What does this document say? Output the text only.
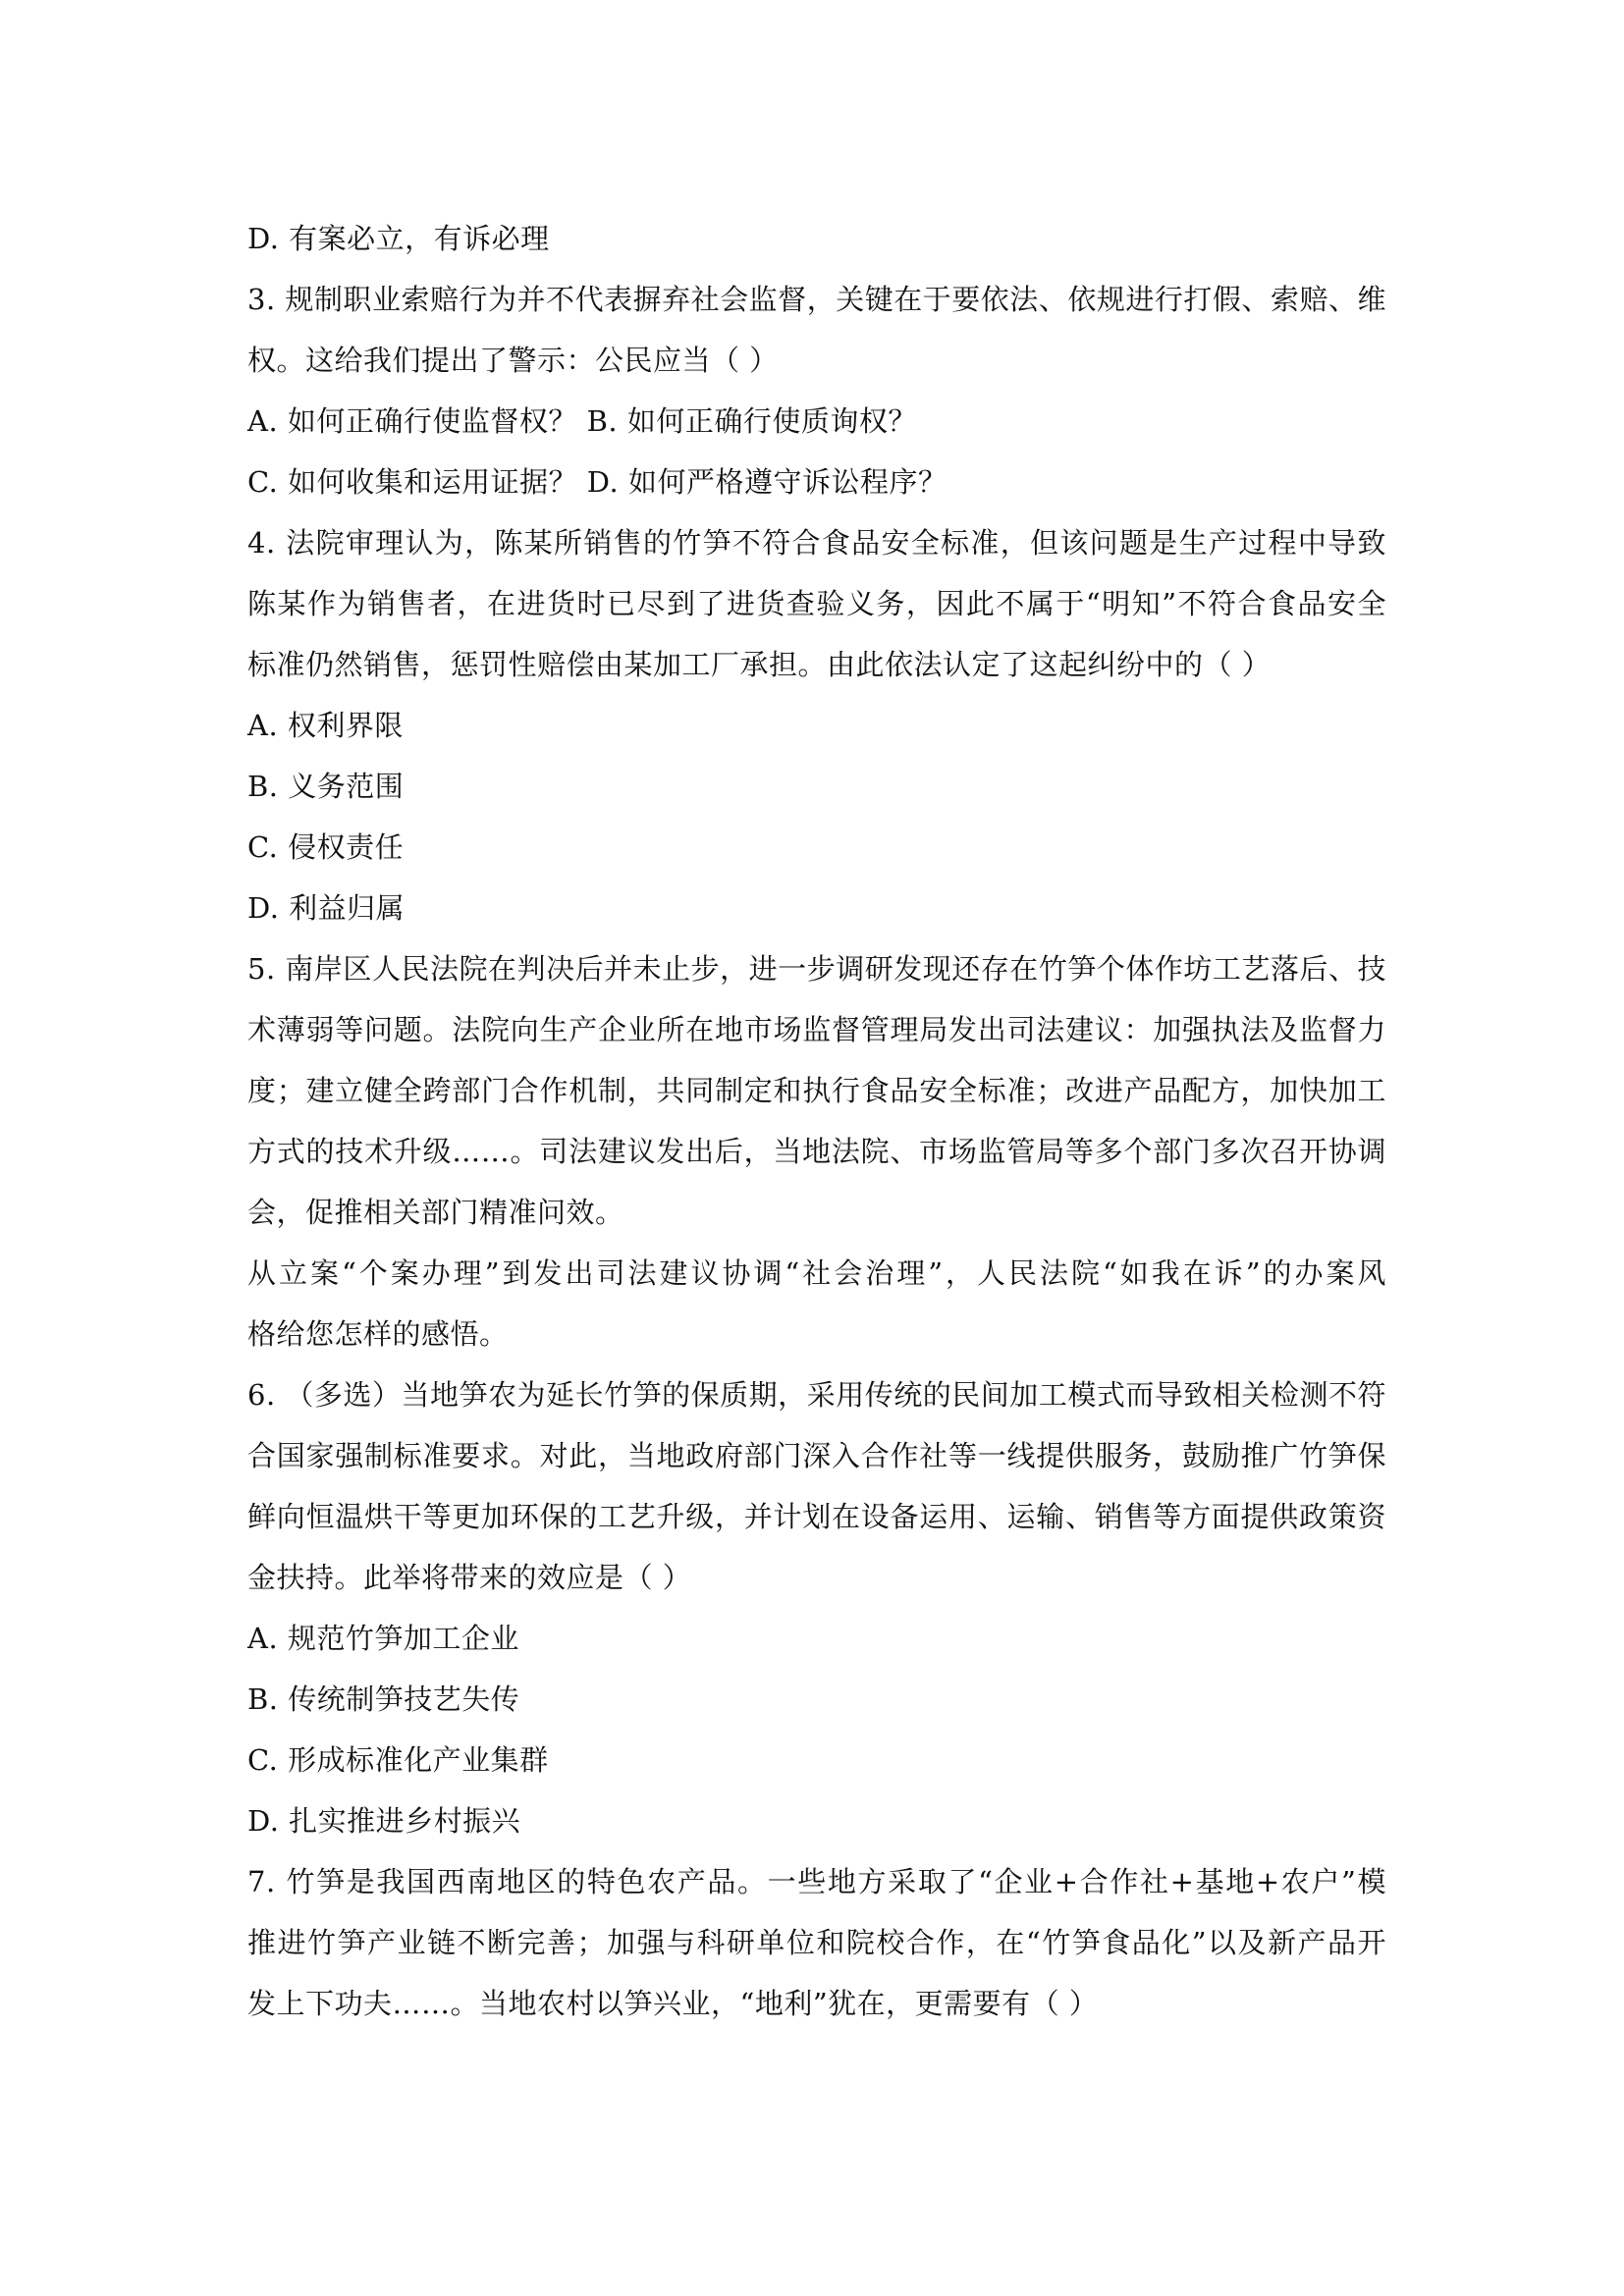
D. 有案必立，有诉必理
3. 规制职业索赔行为并不代表摒弃社会监督，关键在于要依法、依规进行打假、索赔、维
权。这给我们提出了警示：公民应当（ ）
A. 如何正确行使监督权？ B. 如何正确行使质询权？
C. 如何收集和运用证据？ D. 如何严格遵守诉讼程序？
4. 法院审理认为，陈某所销售的竹笋不符合食品安全标准，但该问题是生产过程中导致
陈某作为销售者，在进货时已尽到了进货查验义务，因此不属于“明知”不符合食品安全
标准仍然销售，惩罚性赔偿由某加工厂承担。由此依法认定了这起纠纷中的（ ）
A. 权利界限
B. 义务范围
C. 侵权责任
D. 利益归属
5. 南岸区人民法院在判决后并未止步，进一步调研发现还存在竹笋个体作坊工艺落后、技
术薄弱等问题。法院向生产企业所在地市场监督管理局发出司法建议：加强执法及监督力
度；建立健全跨部门合作机制，共同制定和执行食品安全标准；改进产品配方，加快加工
方式的技术升级……。司法建议发出后，当地法院、市场监管局等多个部门多次召开协调
会，促推相关部门精准问效。
从立案“个案办理”到发出司法建议协调“社会治理”，人民法院“如我在诉”的办案风
格给您怎样的感悟。
6. （多选）当地笋农为延长竹笋的保质期，采用传统的民间加工模式而导致相关检测不符
合国家强制标准要求。对此，当地政府部门深入合作社等一线提供服务，鼓励推广竹笋保
鲜向恒温烘干等更加环保的工艺升级，并计划在设备运用、运输、销售等方面提供政策资
金扶持。此举将带来的效应是（ ）
A. 规范竹笋加工企业
B. 传统制笋技艺失传
C. 形成标准化产业集群
D. 扎实推进乡村振兴
7. 竹笋是我国西南地区的特色农产品。一些地方采取了“企业+合作社+基地+农户”模
推进竹笋产业链不断完善；加强与科研单位和院校合作，在“竹笋食品化”以及新产品开
发上下功夫……。当地农村以笋兴业，“地利”犹在，更需要有（ ）
